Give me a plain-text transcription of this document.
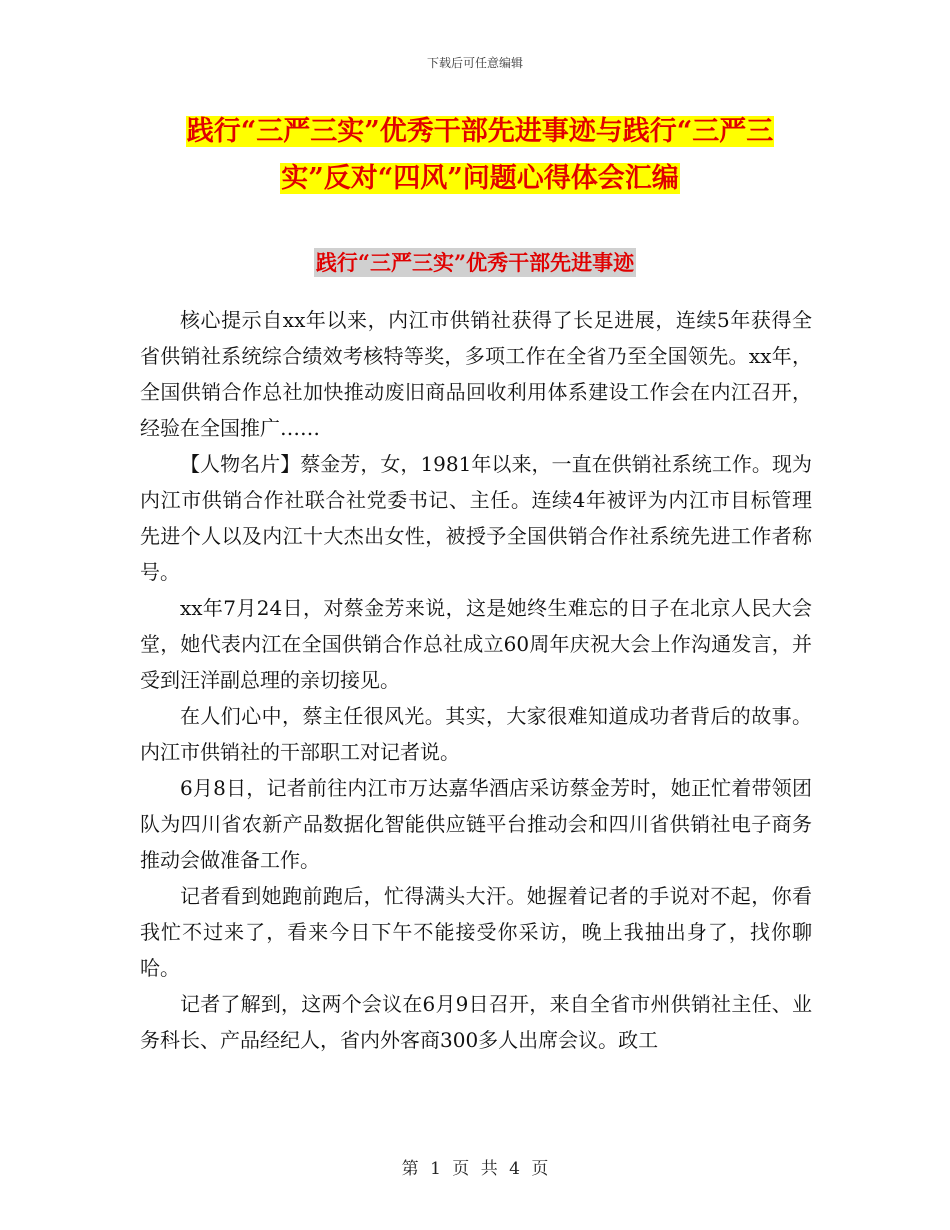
下载后可任意编辑
践行“三严三实”优秀干部先进事迹与践行“三严三
实”反对“四风”问题心得体会汇编
践行“三严三实”优秀干部先进事迹

核心提示自xx年以来，内江市供销社获得了长足进展，连续5年获得全省供销社系统综合绩效考核特等奖，多项工作在全省乃至全国领先。xx年，全国供销合作总社加快推动废旧商品回收利用体系建设工作会在内江召开，经验在全国推广……

【人物名片】蔡金芳，女，1981年以来，一直在供销社系统工作。现为内江市供销合作社联合社党委书记、主任。连续4年被评为内江市目标管理先进个人以及内江十大杰出女性，被授予全国供销合作社系统先进工作者称号。

xx年7月24日，对蔡金芳来说，这是她终生难忘的日子在北京人民大会堂，她代表内江在全国供销合作总社成立60周年庆祝大会上作沟通发言，并受到汪洋副总理的亲切接见。

在人们心中，蔡主任很风光。其实，大家很难知道成功者背后的故事。内江市供销社的干部职工对记者说。

6月8日，记者前往内江市万达嘉华酒店采访蔡金芳时，她正忙着带领团队为四川省农新产品数据化智能供应链平台推动会和四川省供销社电子商务推动会做准备工作。

记者看到她跑前跑后，忙得满头大汗。她握着记者的手说对不起，你看我忙不过来了，看来今日下午不能接受你采访，晚上我抽出身了，找你聊哈。

记者了解到，这两个会议在6月9日召开，来自全省市州供销社主任、业务科长、产品经纪人，省内外客商300多人出席会议。政工

第 1 页 共 4 页
